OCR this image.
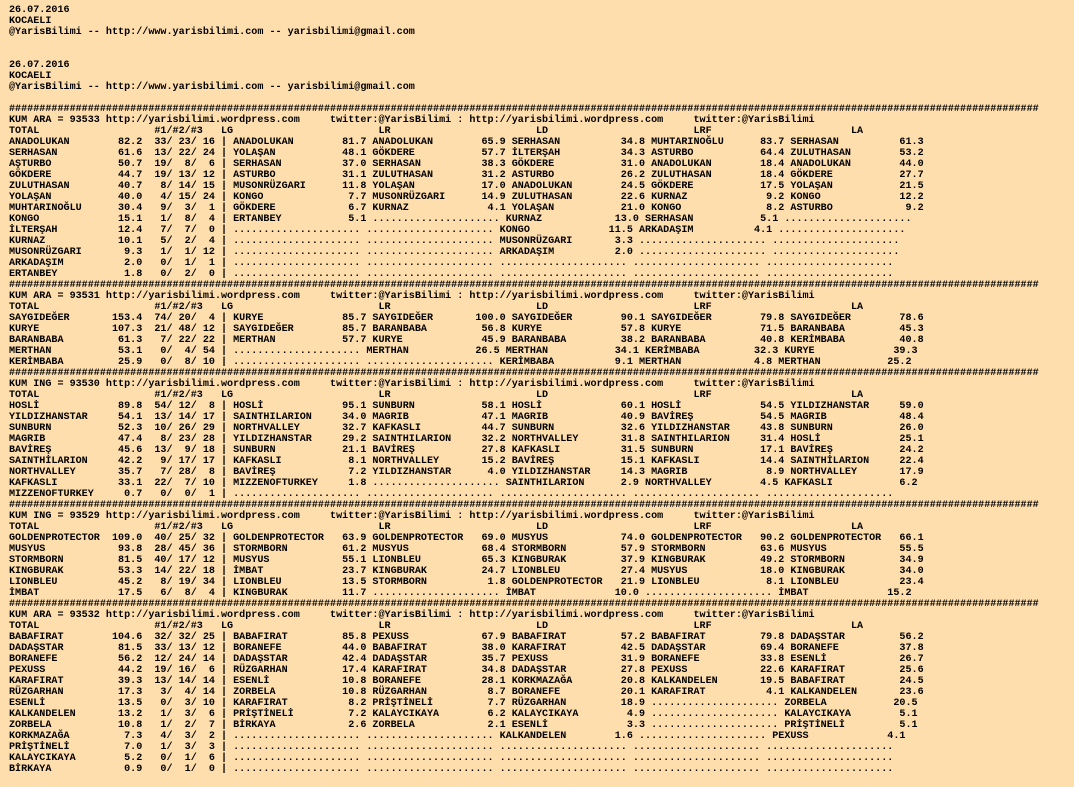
26.07.2016
KOCAELI
@YarisBilimi -- http://www.yarisbilimi.com -- yarisbilimi@gmail.com

26.07.2016
KOCAELI
@YarisBilimi -- http://www.yarisbilimi.com -- yarisbilimi@gmail.com

##########################################################################################################################################################################
KUM ARA = 93533 http://yarisbilimi.wordpress.com     twitter:@YarisBilimi : http://yarisbilimi.wordpress.com     twitter:@YarisBilimi
TOTAL                   #1/#2/#3   LG                        LR                        LD                        LRF                       LA
ANADOLUKAN        82.2  33/ 23/ 16 | ANADOLUKAN        81.7 ANADOLUKAN        65.9 SERHASAN          34.8 MUHTARINOĞLU      83.7 SERHASAN          61.3
SERHASAN          61.6  13/ 22/ 24 | YOLAŞAN           48.1 GÖKDERE           57.7 İLTERŞAH          34.3 ASTURBO           64.4 ZULUTHASAN        53.2
AŞTURBO           50.7  19/  8/  6 | SERHASAN          37.0 SERHASAN          38.3 GÖKDERE           31.0 ANADOLUKAN        18.4 ANADOLUKAN        44.0
GÖKDERE           44.7  19/ 13/ 12 | ASTURBO           31.1 ZULUTHASAN        31.2 ASTURBO           26.2 ZULUTHASAN        18.4 GÖKDERE           27.7
ZULUTHASAN        40.7   8/ 14/ 15 | MUSONRÜZGARI      11.8 YOLAŞAN           17.0 ANADOLUKAN        24.5 GÖKDERE           17.5 YOLAŞAN           21.5
YOLAŞAN           40.0   4/ 15/ 24 | KONGO              7.7 MUSONRÜZGARI      14.9 ZULUTHASAN        22.6 KURNAZ             9.2 KONGO             12.2
MUHTARINOĞLU      30.4   9/  3/  1 | GÖKDERE            6.7 KURNAZ             4.1 YOLAŞAN           21.0 KONGO              8.2 ASTURBO            9.2
KONGO             15.1   1/  8/  4 | ERTANBEY           5.1 ..................... KURNAZ            13.0 SERHASAN           5.1 .....................
İLTERŞAH          12.4   7/  7/  0 | ..................... ..................... KONGO             11.5 ARKADAŞIM          4.1 .....................
KURNAZ            10.1   5/  2/  4 | ..................... ..................... MUSONRÜZGARI       3.3 ..................... .....................
MUSONRÜZGARI       9.3   1/  1/ 12 | ..................... ..................... ARKADAŞIM          2.0 ..................... .....................
ARKADAŞIM          2.0   0/  1/  1 | ..................... ..................... ..................... ..................... .....................
ERTANBEY           1.8   0/  2/  0 | ..................... ..................... ..................... ..................... .....................
##########################################################################################################################################################################
KUM ARA = 93531 http://yarisbilimi.wordpress.com     twitter:@YarisBilimi : http://yarisbilimi.wordpress.com     twitter:@YarisBilimi
TOTAL                   #1/#2/#3   LG                        LR                        LD                        LRF                       LA
SAYGIDEĞER       153.4  74/ 20/  4 | KURYE             85.7 SAYGIDEĞER       100.0 SAYGIDEĞER        90.1 SAYGIDEĞER        79.8 SAYGIDEĞER        78.6
KURYE            107.3  21/ 48/ 12 | SAYGIDEĞER        85.7 BARANBABA         56.8 KURYE             57.8 KURYE             71.5 BARANBABA         45.3
BARANBABA         61.3   7/ 22/ 22 | MERTHAN           57.7 KURYE             45.9 BARANBABA         38.2 BARANBABA         40.8 KERİMBABA         40.8
MERTHAN           53.1   0/  4/ 54 | ..................... MERTHAN           26.5 MERTHAN           34.1 KERİMBABA         32.3 KURYE             39.3
KERİMBABA         25.9   0/  8/ 10 | ..................... ..................... KERİMBABA          9.1 MERTHAN            4.8 MERTHAN           25.2
##########################################################################################################################################################################
KUM ING = 93530 http://yarisbilimi.wordpress.com     twitter:@YarisBilimi : http://yarisbilimi.wordpress.com     twitter:@YarisBilimi
TOTAL                   #1/#2/#3   LG                        LR                        LD                        LRF                       LA
HOSLİ             89.8  54/ 12/  8 | HOSLİ             95.1 SUNBURN           58.1 HOSLİ             60.1 HOSLİ             54.5 YILDIZHANSTAR     59.0
YILDIZHANSTAR     54.1  13/ 14/ 17 | SAINTHILARION     34.0 MAGRIB            47.1 MAGRIB            40.9 BAVİREŞ           54.5 MAGRIB            48.4
SUNBURN           52.3  10/ 26/ 29 | NORTHVALLEY       32.7 KAFKASLI          44.7 SUNBURN           32.6 YILDIZHANSTAR     43.8 SUNBURN           26.0
MAGRIB            47.4   8/ 23/ 28 | YILDIZHANSTAR     29.2 SAINTHILARION     32.2 NORTHVALLEY       31.8 SAINTHILARION     31.4 HOSLİ             25.1
BAVİREŞ           45.6  13/  9/ 18 | SUNBURN           21.1 BAVİREŞ           27.8 KAFKASLI          31.5 SUNBURN           17.1 BAVİREŞ           24.2
SAINTHİLARION     42.2   9/ 17/ 17 | KAFKASLI           8.1 NORTHVALLEY       15.2 BAVİREŞ           15.1 KAFKASLI          14.4 SAINTHİLARION     22.4
NORTHVALLEY       35.7   7/ 28/  8 | BAVİREŞ            7.2 YILDIZHANSTAR      4.0 YILDIZHANSTAR     14.3 MAGRIB             8.9 NORTHVALLEY       17.9
KAFKASLI          33.1  22/  7/ 10 | MIZZENOFTURKEY     1.8 ..................... SAINTHILARION      2.9 NORTHVALLEY        4.5 KAFKASLI           6.2
MIZZENOFTURKEY     0.7   0/  0/  1 | ..................... ..................... ..................... ..................... .....................
##########################################################################################################################################################################
KUM ING = 93529 http://yarisbilimi.wordpress.com     twitter:@YarisBilimi : http://yarisbilimi.wordpress.com     twitter:@YarisBilimi
TOTAL                   #1/#2/#3   LG                        LR                        LD                        LRF                       LA
GOLDENPROTECTOR  109.0  40/ 25/ 32 | GOLDENPROTECTOR   63.9 GOLDENPROTECTOR   69.0 MUSYUS            74.0 GOLDENPROTECTOR   90.2 GOLDENPROTECTOR   66.1
MUSYUS            93.8  28/ 45/ 36 | STORMBORN         61.2 MUSYUS            68.4 STORMBORN         57.9 STORMBORN         63.6 MUSYUS            55.5
STORMBORN         81.5  40/ 17/ 12 | MUSYUS            55.1 LIONBLEU          65.3 KINGBURAK         37.9 KINGBURAK         49.2 STORMBORN         34.9
KINGBURAK         53.3  14/ 22/ 18 | İMBAT             23.7 KINGBURAK         24.7 LIONBLEU          27.4 MUSYUS            18.0 KINGBURAK         34.0
LIONBLEU          45.2   8/ 19/ 34 | LIONBLEU          13.5 STORMBORN          1.8 GOLDENPROTECTOR   21.9 LIONBLEU           8.1 LIONBLEU          23.4
İMBAT             17.5   6/  8/  4 | KINGBURAK         11.7 ..................... İMBAT             10.0 ..................... İMBAT             15.2
##########################################################################################################################################################################
KUM ARA = 93532 http://yarisbilimi.wordpress.com     twitter:@YarisBilimi : http://yarisbilimi.wordpress.com     twitter:@YarisBilimi
TOTAL                   #1/#2/#3   LG                        LR                        LD                        LRF                       LA
BABAFIRAT        104.6  32/ 32/ 25 | BABAFIRAT         85.8 PEXUSS            67.9 BABAFIRAT         57.2 BABAFIRAT         79.8 DADAŞSTAR         56.2
DADAŞSTAR         81.5  33/ 13/ 12 | BORANEFE          44.0 BABAFIRAT         38.0 KARAFIRAT         42.5 DADAŞSTAR         69.4 BORANEFE          37.8
BORANEFE          56.2  12/ 24/ 14 | DADAŞSTAR         42.4 DADAŞSTAR         35.7 PEXUSS            31.9 BORANEFE          33.8 ESENLİ            26.7
PEXUSS            44.2  19/ 16/  6 | RÜZGARHAN         17.4 KARAFIRAT         34.8 DADAŞSTAR         27.8 PEXUSS            22.6 KARAFIRAT         25.6
KARAFIRAT         39.3  13/ 14/ 14 | ESENLİ            10.8 BORANEFE          28.1 KORKMAZAĞA        20.8 KALKANDELEN       19.5 BABAFIRAT         24.5
RÜZGARHAN         17.3   3/  4/ 14 | ZORBELA           10.8 RÜZGARHAN          8.7 BORANEFE          20.1 KARAFIRAT          4.1 KALKANDELEN       23.6
ESENLİ            13.5   0/  3/ 10 | KARAFIRAT          8.2 PRİŞTİNELİ         7.7 RÜZGARHAN         18.9 ..................... ZORBELA           20.5
KALKANDELEN       13.2   1/  3/  6 | PRİŞTİNELİ         7.2 KALAYCIKAYA        6.2 KALAYCIKAYA        4.9 ..................... KALAYCIKAYA        5.1
ZORBELA           10.8   1/  2/  7 | BİRKAYA            2.6 ZORBELA            2.1 ESENLİ             3.3 ..................... PRİŞTİNELİ         5.1
KORKMAZAĞA         7.3   4/  3/  2 | ..................... ..................... KALKANDELEN        1.6 ..................... PEXUSS             4.1
PRİŞTİNELİ         7.0   1/  3/  3 | ..................... ..................... ..................... ..................... .....................
KALAYCIKAYA        5.2   0/  1/  6 | ..................... ..................... ..................... ..................... .....................
BİRKAYA            0.9   0/  1/  0 | ..................... ..................... ..................... ..................... .....................
